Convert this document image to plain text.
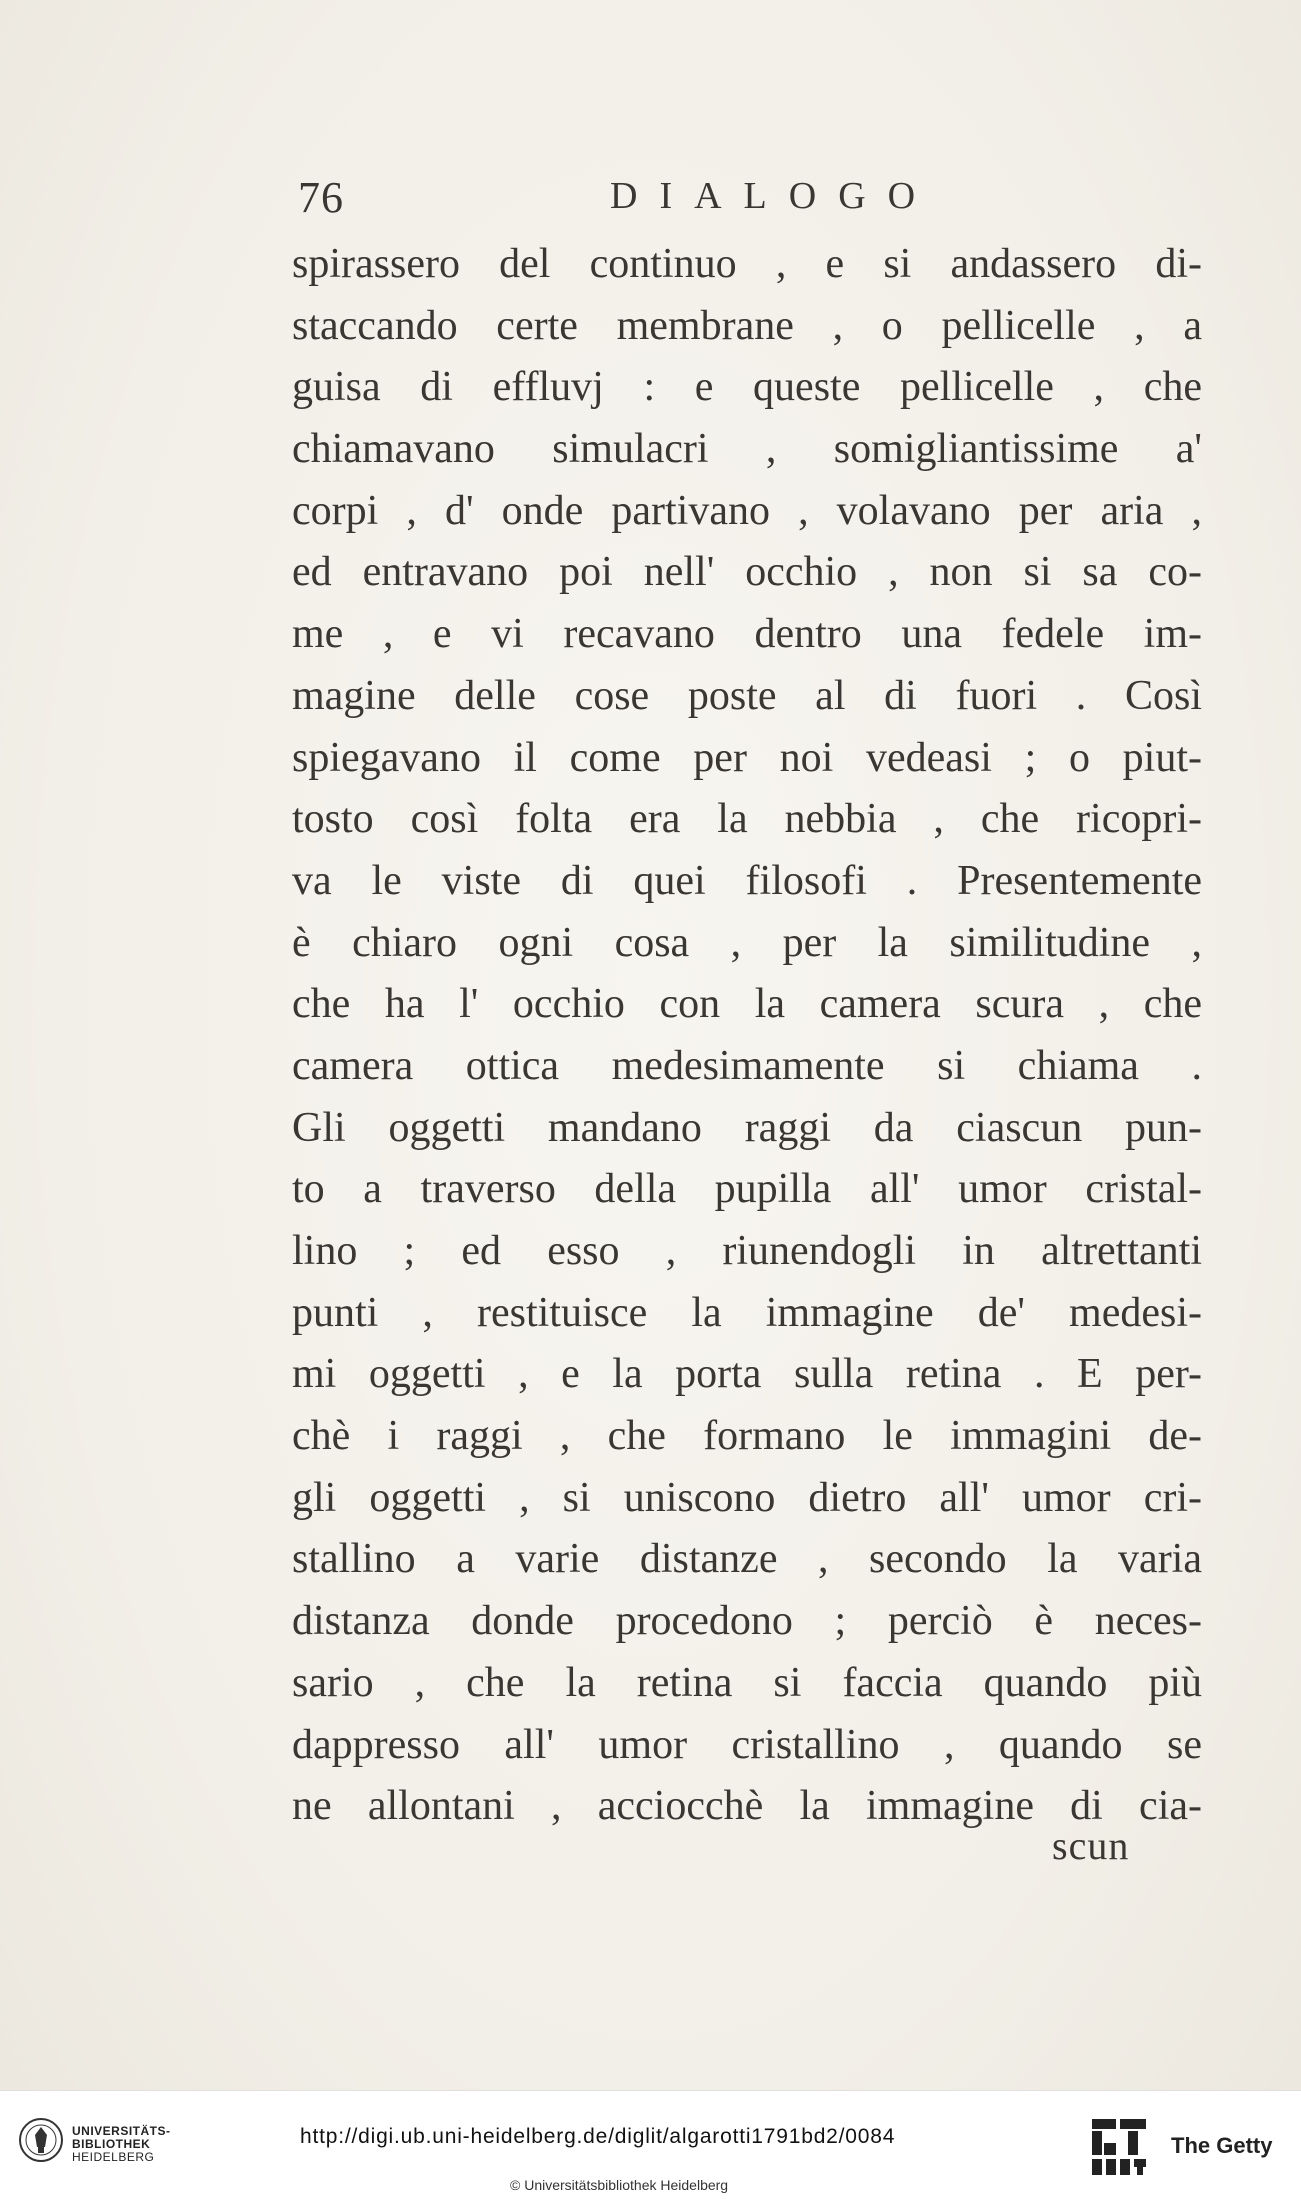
76	DIALOGO
spirassero del continuo , e si andassero di-
staccando certe membrane , o pellicelle , a
guisa di effluvj : e queste pellicelle , che
chiamavano simulacri , somigliantissime a'
corpi , d' onde partivano , volavano per aria ,
ed entravano poi nell' occhio , non si sa co-
me , e vi recavano dentro una fedele im-
magine delle cose poste al di fuori . Così
spiegavano il come per noi vedeasi ; o piut-
tosto così folta era la nebbia , che ricopri-
va le viste di quei filosofi . Presentemente
è chiaro ogni cosa , per la similitudine ,
che ha l' occhio con la camera scura , che
camera ottica medesimamente si chiama .
Gli oggetti mandano raggi da ciascun pun-
to a traverso della pupilla all' umor cristal-
lino ; ed esso , riunendogli in altrettanti
punti , restituisce la immagine de' medesi-
mi oggetti , e la porta sulla retina . E per-
chè i raggi , che formano le immagini de-
gli oggetti , si uniscono dietro all' umor cri-
stallino a varie distanze , secondo la varia
distanza donde procedono ; perciò è neces-
sario , che la retina si faccia quando più
dappresso all' umor cristallino , quando se
ne allontani , acciocchè la immagine di cia-
scun
UNIVERSITÄTS-
BIBLIOTHEK
HEIDELBERG
http://digi.ub.uni-heidelberg.de/diglit/algarotti1791bd2/0084
© Universitätsbibliothek Heidelberg
The Getty
